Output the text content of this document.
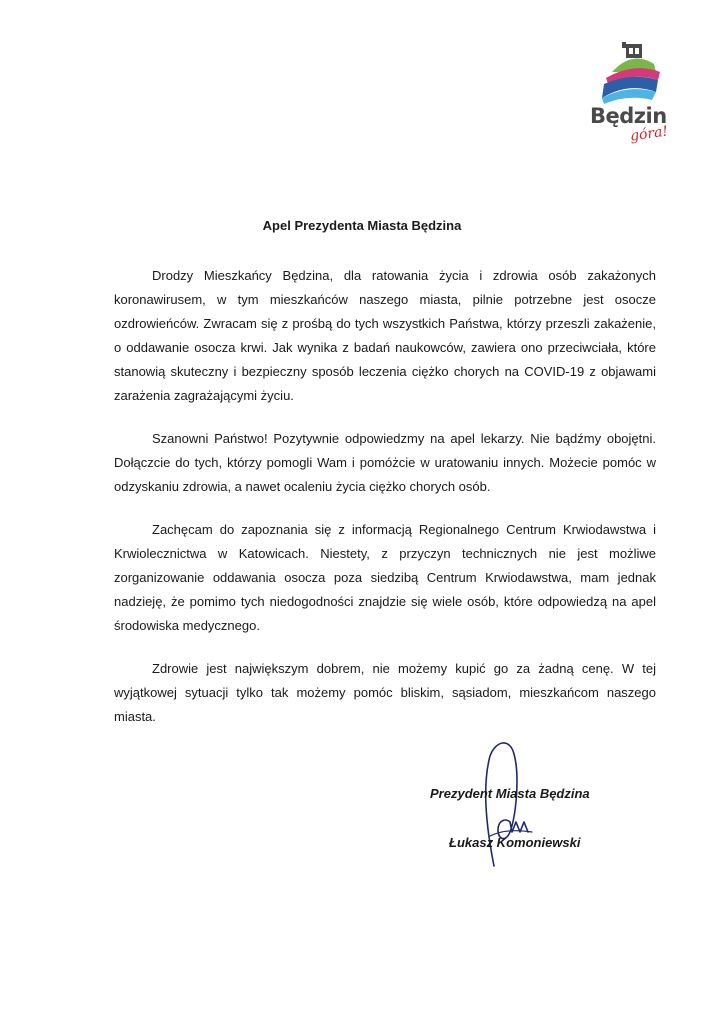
Będzin
góra!
Apel Prezydenta Miasta Będzina

Drodzy Mieszkańcy Będzina, dla ratowania życia i zdrowia osób zakażonych koronawirusem, w tym mieszkańców naszego miasta, pilnie potrzebne jest osocze ozdrowieńców. Zwracam się z prośbą do tych wszystkich Państwa, którzy przeszli zakażenie, o oddawanie osocza krwi. Jak wynika z badań naukowców, zawiera ono przeciwciała, które stanowią skuteczny i bezpieczny sposób leczenia ciężko chorych na COVID-19 z objawami zarażenia zagrażającymi życiu.

Szanowni Państwo! Pozytywnie odpowiedzmy na apel lekarzy. Nie bądźmy obojętni. Dołączcie do tych, którzy pomogli Wam i pomóżcie w uratowaniu innych. Możecie pomóc w odzyskaniu zdrowia, a nawet ocaleniu życia ciężko chorych osób.

Zachęcam do zapoznania się z informacją Regionalnego Centrum Krwiodawstwa i Krwiolecznictwa w Katowicach. Niestety, z przyczyn technicznych nie jest możliwe zorganizowanie oddawania osocza poza siedzibą Centrum Krwiodawstwa, mam jednak nadzieję, że pomimo tych niedogodności znajdzie się wiele osób, które odpowiedzą na apel środowiska medycznego.

Zdrowie jest największym dobrem, nie możemy kupić go za żadną cenę. W tej wyjątkowej sytuacji tylko tak możemy pomóc bliskim, sąsiadom, mieszkańcom naszego miasta.

Prezydent Miasta Będzina
Łukasz Komoniewski
